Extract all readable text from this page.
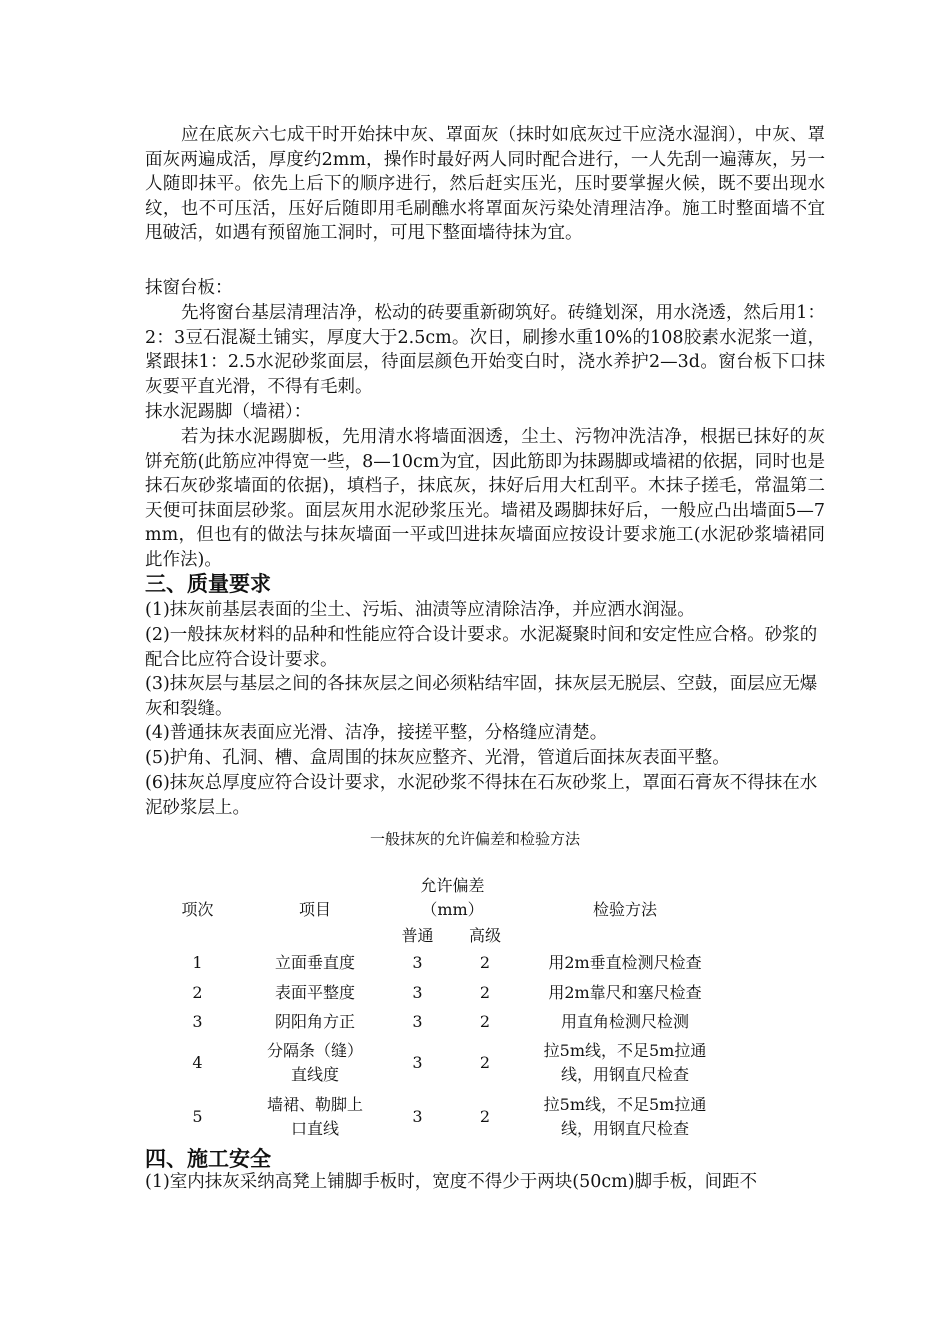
应在底灰六七成干时开始抹中灰、罩面灰（抹时如底灰过干应浇水湿润），中灰、罩面灰两遍成活，厚度约2mm，操作时最好两人同时配合进行，一人先刮一遍薄灰，另一人随即抹平。依先上后下的顺序进行，然后赶实压光，压时要掌握火候，既不要出现水纹，也不可压活，压好后随即用毛刷醮水将罩面灰污染处清理洁净。施工时整面墙不宜甩破活，如遇有预留施工洞时，可甩下整面墙待抹为宜。

抹窗台板：

先将窗台基层清理洁净，松动的砖要重新砌筑好。砖缝划深，用水浇透，然后用1：2：3豆石混凝土铺实，厚度大于2.5cm。次日，刷掺水重10%的108胶素水泥浆一道，紧跟抹1：2.5水泥砂浆面层，待面层颜色开始变白时，浇水养护2—3d。窗台板下口抹灰要平直光滑，不得有毛刺。

抹水泥踢脚（墙裙）：

若为抹水泥踢脚板，先用清水将墙面洇透，尘土、污物冲洗洁净，根据已抹好的灰饼充筋(此筋应冲得宽一些，8—10cm为宜，因此筋即为抹踢脚或墙裙的依据，同时也是抹石灰砂浆墙面的依据)，填档子，抹底灰，抹好后用大杠刮平。木抹子搓毛，常温第二天便可抹面层砂浆。面层灰用水泥砂浆压光。墙裙及踢脚抹好后，一般应凸出墙面5—7mm，但也有的做法与抹灰墙面一平或凹进抹灰墙面应按设计要求施工(水泥砂浆墙裙同此作法)。

三、质量要求

(1)抹灰前基层表面的尘土、污垢、油渍等应清除洁净，并应洒水润湿。

(2)一般抹灰材料的品种和性能应符合设计要求。水泥凝聚时间和安定性应合格。砂浆的配合比应符合设计要求。

(3)抹灰层与基层之间的各抹灰层之间必须粘结牢固，抹灰层无脱层、空鼓，面层应无爆灰和裂缝。

(4)普通抹灰表面应光滑、洁净，接搓平整，分格缝应清楚。

(5)护角、孔洞、槽、盒周围的抹灰应整齐、光滑，管道后面抹灰表面平整。

(6)抹灰总厚度应符合设计要求，水泥砂浆不得抹在石灰砂浆上，罩面石膏灰不得抹在水泥砂浆层上。

一般抹灰的允许偏差和检验方法

项次	项目	允许偏差（mm）		检验方法
		普通	高级	
1	立面垂直度	3	2	用2m垂直检测尺检查
2	表面平整度	3	2	用2m靠尺和塞尺检查
3	阴阳角方正	3	2	用直角检测尺检测
4	分隔条（缝）直线度	3	2	拉5m线，不足5m拉通线，用钢直尺检查
5	墙裙、勒脚上口直线	3	2	拉5m线，不足5m拉通线，用钢直尺检查
四、施工安全

(1)室内抹灰采纳高凳上铺脚手板时，宽度不得少于两块(50cm)脚手板，间距不
